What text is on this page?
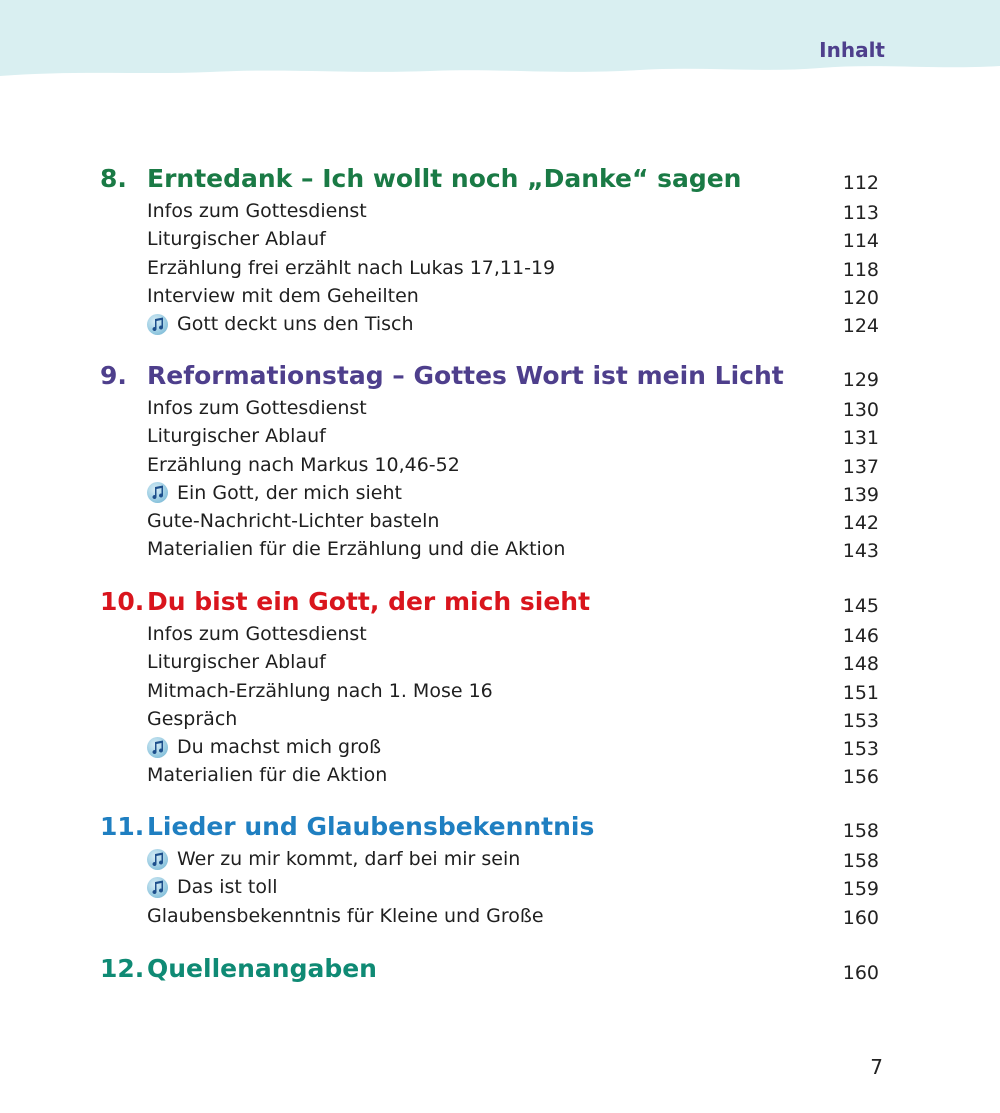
Inhalt
8. Erntedank – Ich wollt noch „Danke“ sagen	112
Infos zum Gottesdienst	113
Liturgischer Ablauf	114
Erzählung frei erzählt nach Lukas 17,11-19	118
Interview mit dem Geheilten	120
Gott deckt uns den Tisch	124
9. Reformationstag – Gottes Wort ist mein Licht	129
Infos zum Gottesdienst	130
Liturgischer Ablauf	131
Erzählung nach Markus 10,46-52	137
Ein Gott, der mich sieht	139
Gute-Nachricht-Lichter basteln	142
Materialien für die Erzählung und die Aktion	143
10. Du bist ein Gott, der mich sieht	145
Infos zum Gottesdienst	146
Liturgischer Ablauf	148
Mitmach-Erzählung nach 1. Mose 16	151
Gespräch	153
Du machst mich groß	153
Materialien für die Aktion	156
11. Lieder und Glaubensbekenntnis	158
Wer zu mir kommt, darf bei mir sein	158
Das ist toll	159
Glaubensbekenntnis für Kleine und Große	160
12. Quellenangaben	160
7
